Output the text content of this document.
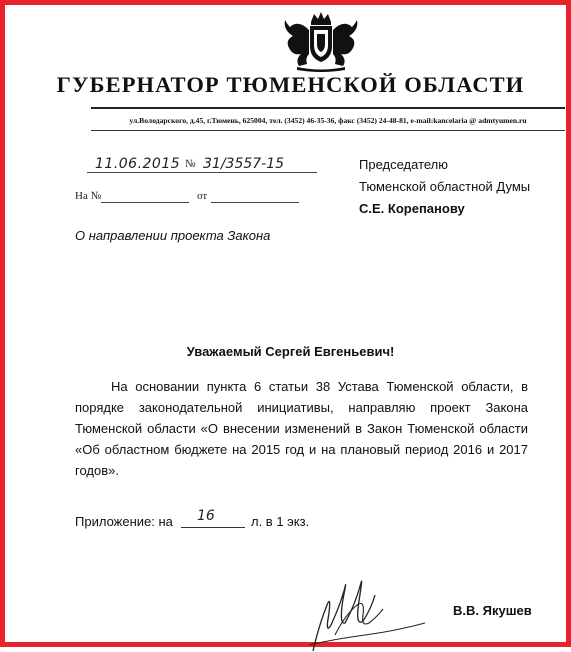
ГУБЕРНАТОР ТЮМЕНСКОЙ ОБЛАСТИ
ул.Володарского, д.45, г.Тюмень, 625004, тел. (3452) 46-35-36, факс (3452) 24-48-81, e-mail:kancelaria @ admtyumen.ru
11.06.2015 № 31/3557-15
На №	от
Председателю
Тюменской областной Думы
С.Е. Корепанову
О направлении проекта Закона
Уважаемый Сергей Евгеньевич!
На основании пункта 6 статьи 38 Устава Тюменской области, в порядке законодательной инициативы, направляю проект Закона Тюменской области «О внесении изменений в Закон Тюменской области «Об областном бюджете на 2015 год и на плановый период 2016 и 2017 годов».
Приложение: на 16	л. в 1 экз.
В.В. Якушев
